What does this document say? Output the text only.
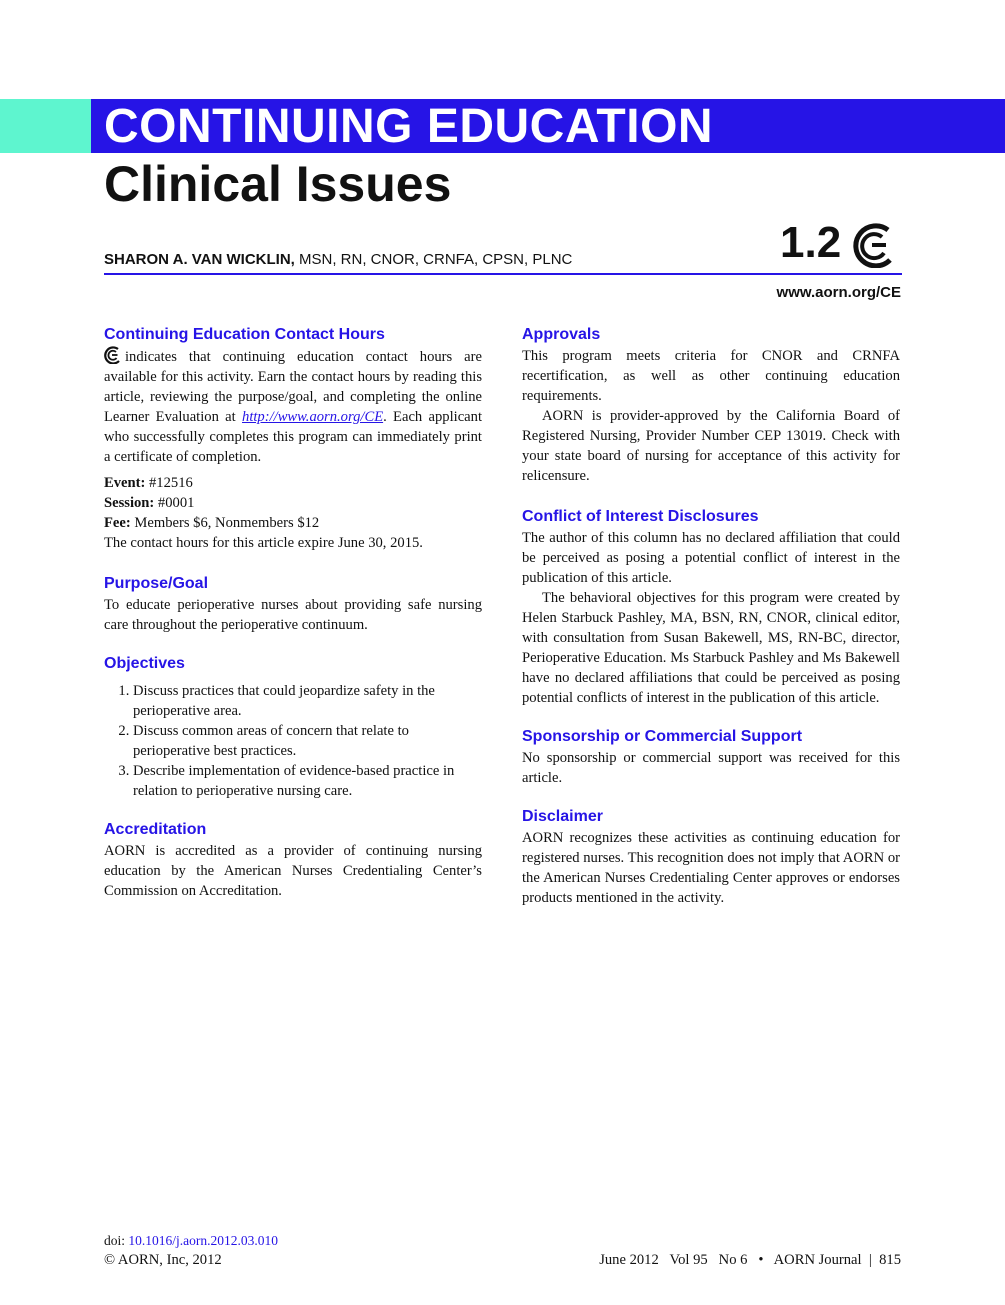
CONTINUING EDUCATION
Clinical Issues
SHARON A. VAN WICKLIN, MSN, RN, CNOR, CRNFA, CPSN, PLNC	1.2
www.aorn.org/CE
Continuing Education Contact Hours

indicates that continuing education contact hours are available for this activity. Earn the contact hours by reading this article, reviewing the purpose/goal, and completing the online Learner Evaluation at http://www.aorn.org/CE. Each applicant who successfully completes this program can immediately print a certificate of completion.

Event: #12516

Session: #0001

Fee: Members $6, Nonmembers $12

The contact hours for this article expire June 30, 2015.

Purpose/Goal

To educate perioperative nurses about providing safe nursing care throughout the perioperative continuum.

Objectives
1. Discuss practices that could jeopardize safety in the perioperative area.
2. Discuss common areas of concern that relate to perioperative best practices.
3. Describe implementation of evidence-based practice in relation to perioperative nursing care.
Accreditation

AORN is accredited as a provider of continuing nursing education by the American Nurses Credentialing Center’s Commission on Accreditation.

Approvals

This program meets criteria for CNOR and CRNFA recertification, as well as other continuing education requirements.

AORN is provider-approved by the California Board of Registered Nursing, Provider Number CEP 13019. Check with your state board of nursing for acceptance of this activity for relicensure.

Conflict of Interest Disclosures

The author of this column has no declared affiliation that could be perceived as posing a potential conflict of interest in the publication of this article.

The behavioral objectives for this program were created by Helen Starbuck Pashley, MA, BSN, RN, CNOR, clinical editor, with consultation from Susan Bakewell, MS, RN-BC, director, Perioperative Education. Ms Starbuck Pashley and Ms Bakewell have no declared affiliations that could be perceived as posing potential conflicts of interest in the publication of this article.

Sponsorship or Commercial Support

No sponsorship or commercial support was received for this article.

Disclaimer

AORN recognizes these activities as continuing education for registered nurses. This recognition does not imply that AORN or the American Nurses Credentialing Center approves or endorses products mentioned in the activity.

doi: 10.1016/j.aorn.2012.03.010
© AORN, Inc, 2012	June 2012   Vol 95   No 6   •   AORN Journal  |  815
